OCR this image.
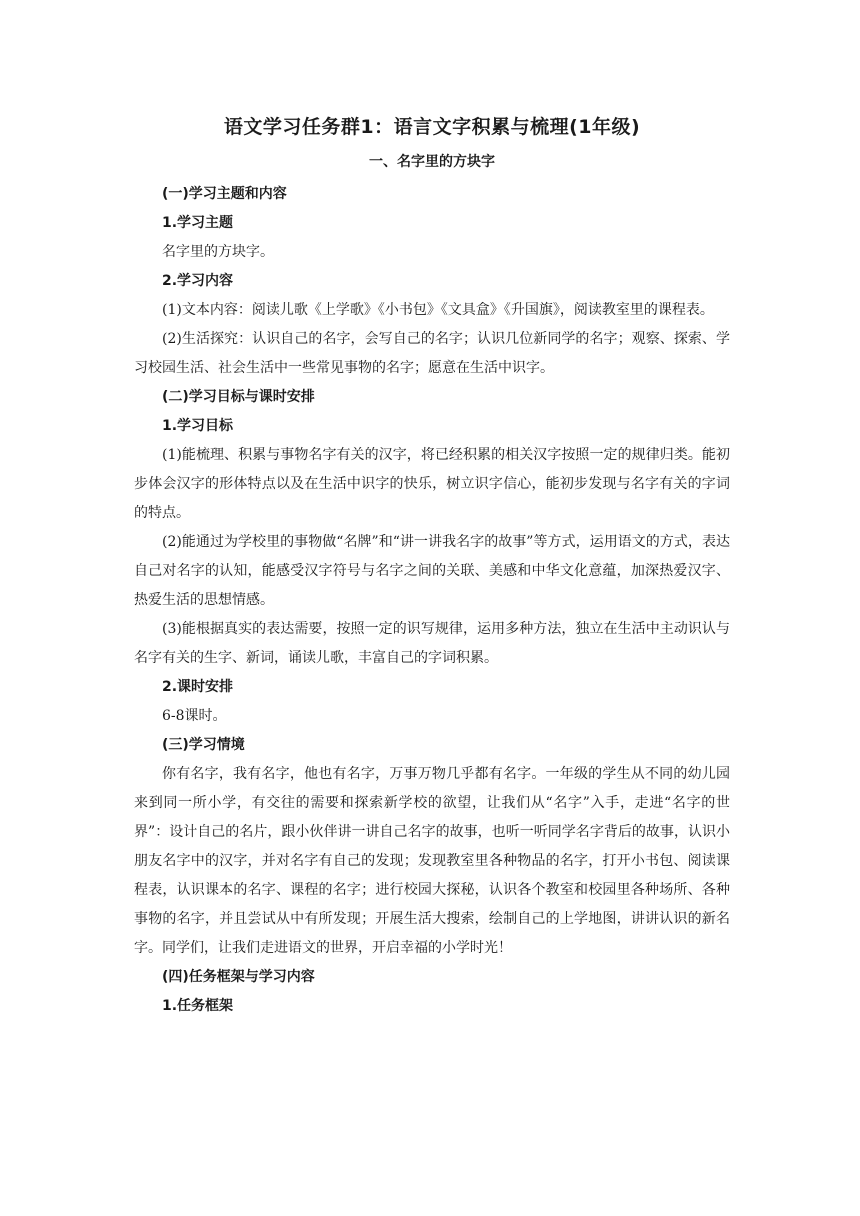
语文学习任务群1：语言文字积累与梳理(1年级)
一、名字里的方块字
(一)学习主题和内容
1.学习主题

名字里的方块字。

2.学习内容

(1)文本内容：阅读儿歌《上学歌》《小书包》《文具盒》《升国旗》，阅读教室里的课程表。

(2)生活探究：认识自己的名字，会写自己的名字；认识几位新同学的名字；观察、探索、学习校园生活、社会生活中一些常见事物的名字；愿意在生活中识字。

(二)学习目标与课时安排
1.学习目标

(1)能梳理、积累与事物名字有关的汉字，将已经积累的相关汉字按照一定的规律归类。能初步体会汉字的形体特点以及在生活中识字的快乐，树立识字信心，能初步发现与名字有关的字词的特点。

(2)能通过为学校里的事物做“名牌”和“讲一讲我名字的故事”等方式，运用语文的方式，表达自己对名字的认知，能感受汉字符号与名字之间的关联、美感和中华文化意蕴，加深热爱汉字、热爱生活的思想情感。

(3)能根据真实的表达需要，按照一定的识写规律，运用多种方法，独立在生活中主动识认与名字有关的生字、新词，诵读儿歌，丰富自己的字词积累。

2.课时安排

6-8课时。

(三)学习情境

你有名字，我有名字，他也有名字，万事万物几乎都有名字。一年级的学生从不同的幼儿园来到同一所小学，有交往的需要和探索新学校的欲望，让我们从“名字”入手，走进“名字的世界”：设计自己的名片，跟小伙伴讲一讲自己名字的故事，也听一听同学名字背后的故事，认识小朋友名字中的汉字，并对名字有自己的发现；发现教室里各种物品的名字，打开小书包、阅读课程表，认识课本的名字、课程的名字；进行校园大探秘，认识各个教室和校园里各种场所、各种事物的名字，并且尝试从中有所发现；开展生活大搜索，绘制自己的上学地图，讲讲认识的新名字。同学们，让我们走进语文的世界，开启幸福的小学时光！

(四)任务框架与学习内容
1.任务框架
